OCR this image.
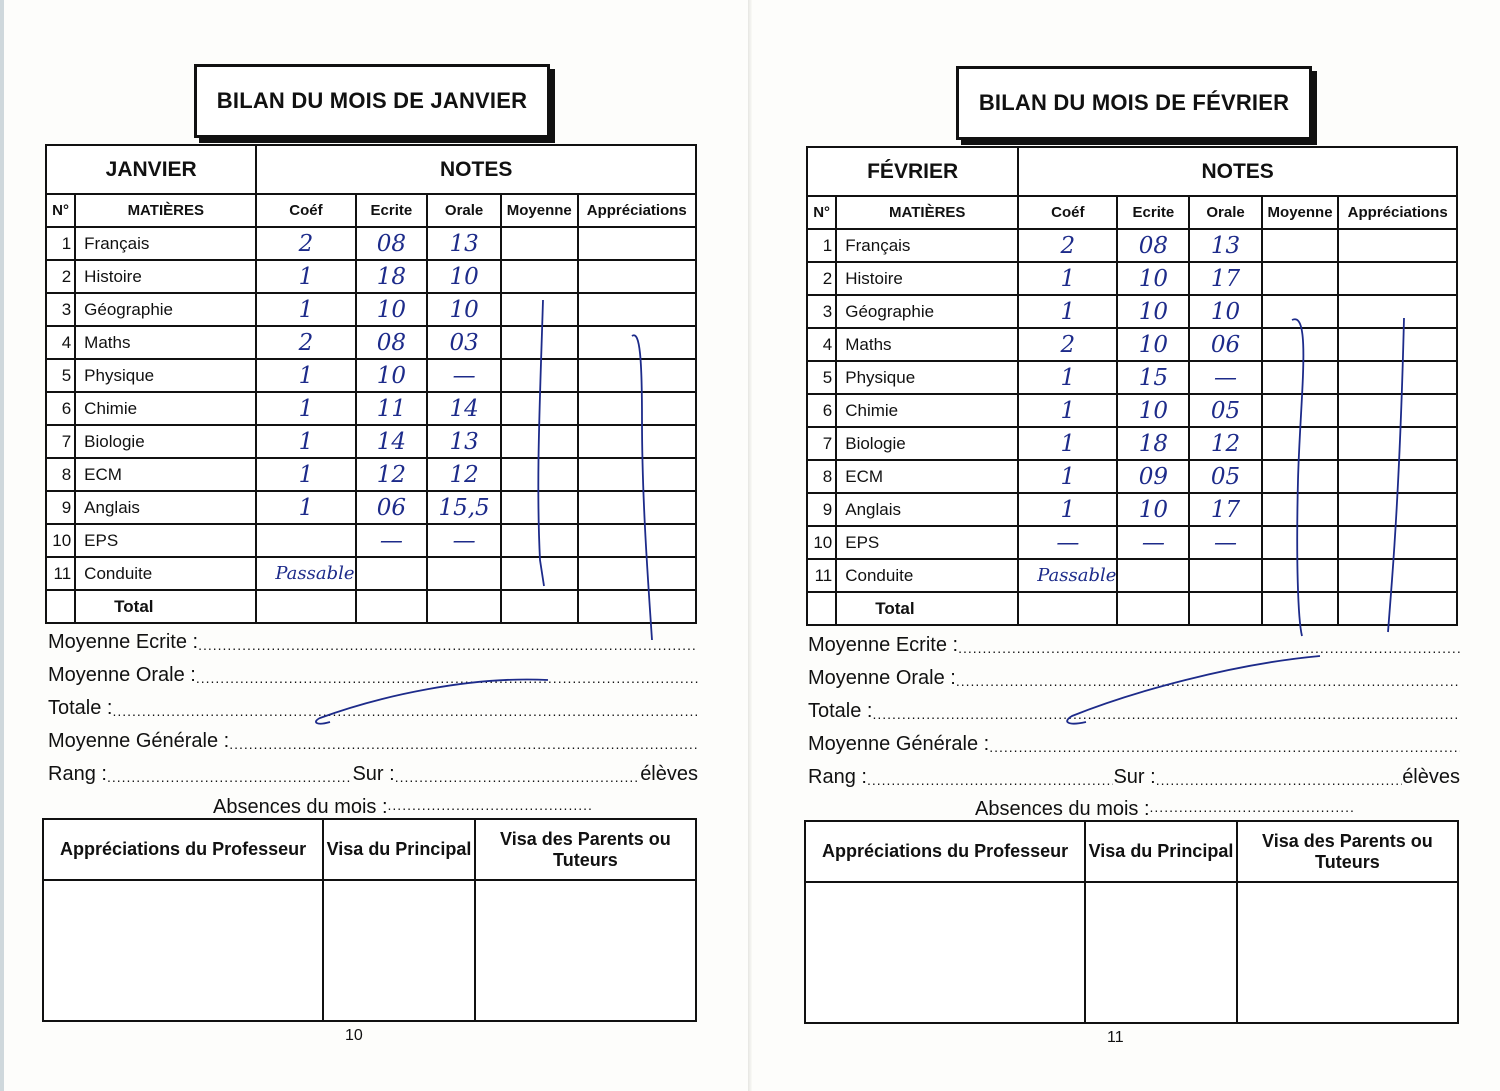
BILAN DU MOIS DE JANVIER
JANVIER		NOTES				
N°	MATIÈRES	Coéf	Ecrite	Orale	Moyenne	Appréciations
1	Français	2	08	13		
2	Histoire	1	18	10		
3	Géographie	1	10	10		
4	Maths	2	08	03		
5	Physique	1	10	—		
6	Chimie	1	11	14		
7	Biologie	1	14	13		
8	ECM	1	12	12		
9	Anglais	1	06	15,5		
10	EPS		—	—		
11	Conduite	Passable				
	Total					
Moyenne Ecrite :
.....
Moyenne Orale :
.....
Totale :
.....
Moyenne Générale :
.....
Rang : .....	Sur : .....	élèves
Absences du mois :
.....
Appréciations du Professeur	Visa du Principal	Visa des Parents ou Tuteurs

10
BILAN DU MOIS DE FÉVRIER
FÉVRIER		NOTES				
N°	MATIÈRES	Coéf	Ecrite	Orale	Moyenne	Appréciations
1	Français	2	08	13		
2	Histoire	1	10	17		
3	Géographie	1	10	10		
4	Maths	2	10	06		
5	Physique	1	15	—		
6	Chimie	1	10	05		
7	Biologie	1	18	12		
8	ECM	1	09	05		
9	Anglais	1	10	17		
10	EPS	—	—	—		
11	Conduite	Passable				
	Total					
Moyenne Ecrite :
.....
Moyenne Orale :
.....
Totale :
.....
Moyenne Générale :
.....
Rang : .....	Sur : .....	élèves
Absences du mois :
.....
Appréciations du Professeur	Visa du Principal	Visa des Parents ou Tuteurs

11
